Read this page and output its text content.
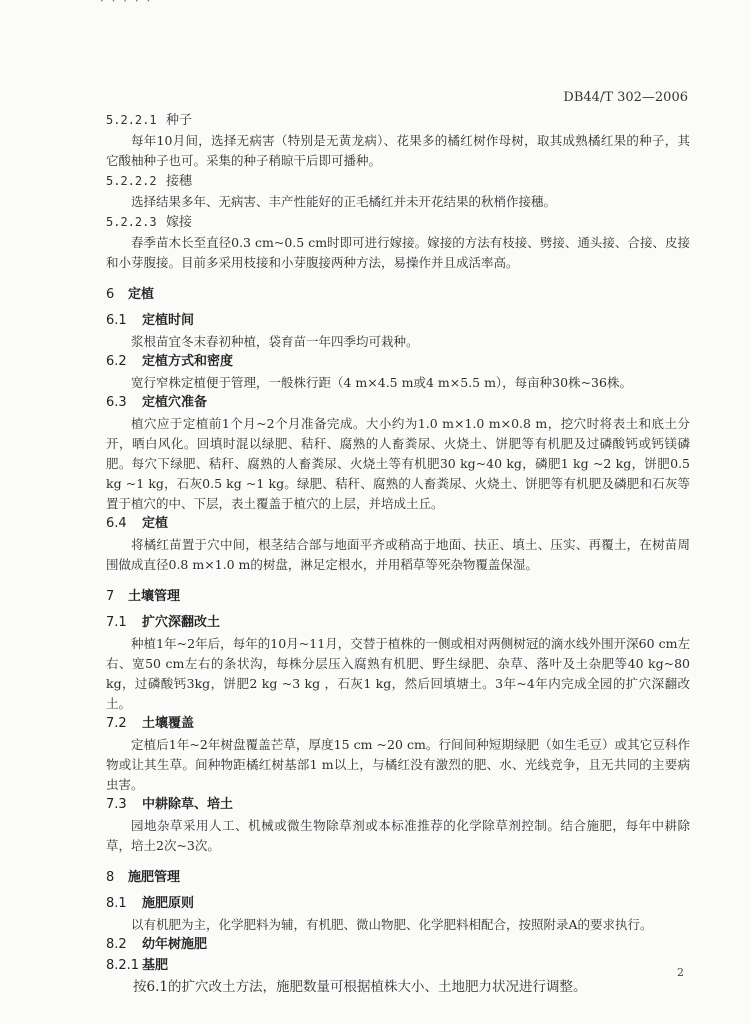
· · · · ·
DB44/T 302—2006
5.2.2.1 种子
每年10月间，选择无病害（特别是无黄龙病）、花果多的橘红树作母树，取其成熟橘红果的种子，其它酸柚种子也可。采集的种子稍晾干后即可播种。
5.2.2.2 接穗
选择结果多年、无病害、丰产性能好的正毛橘红并未开花结果的秋梢作接穗。
5.2.2.3 嫁接
春季苗木长至直径0.3 cm~0.5 cm时即可进行嫁接。嫁接的方法有枝接、劈接、通头接、合接、皮接和小芽腹接。目前多采用枝接和小芽腹接两种方法，易操作并且成活率高。
6 定植
6.1 定植时间
浆根苗宜冬末春初种植，袋育苗一年四季均可栽种。
6.2 定植方式和密度
宽行窄株定植便于管理，一般株行距（4 m×4.5 m或4 m×5.5 m），每亩种30株~36株。
6.3 定植穴准备
植穴应于定植前1个月~2个月准备完成。大小约为1.0 m×1.0 m×0.8 m，挖穴时将表土和底土分开，晒白风化。回填时混以绿肥、秸秆、腐熟的人畜粪尿、火烧土、饼肥等有机肥及过磷酸钙或钙镁磷肥。每穴下绿肥、秸秆、腐熟的人畜粪尿、火烧土等有机肥30 kg~40 kg，磷肥1 kg ~2 kg，饼肥0.5 kg ~1 kg，石灰0.5 kg ~1 kg。绿肥、秸秆、腐熟的人畜粪尿、火烧土、饼肥等有机肥及磷肥和石灰等置于植穴的中、下层，表土覆盖于植穴的上层，并培成土丘。
6.4 定植
将橘红苗置于穴中间，根茎结合部与地面平齐或稍高于地面、扶正、填土、压实、再覆土，在树苗周围做成直径0.8 m×1.0 m的树盘，淋足定根水，并用稻草等死杂物覆盖保湿。
7 土壤管理
7.1 扩穴深翻改土
种植1年~2年后，每年的10月~11月，交替于植株的一侧或相对两侧树冠的滴水线外围开深60 cm左右、宽50 cm左右的条状沟，每株分层压入腐熟有机肥、野生绿肥、杂草、落叶及土杂肥等40 kg~80 kg，过磷酸钙3kg，饼肥2 kg ~3 kg ，石灰1 kg，然后回填塘土。3年~4年内完成全园的扩穴深翻改土。
7.2 土壤覆盖
定植后1年~2年树盘覆盖芒草，厚度15 cm ~20 cm。行间间种短期绿肥（如生毛豆）或其它豆科作物或让其生草。间种物距橘红树基部1 m以上，与橘红没有激烈的肥、水、光线竞争，且无共同的主要病虫害。
7.3 中耕除草、培土
园地杂草采用人工、机械或微生物除草剂或本标准推荐的化学除草剂控制。结合施肥，每年中耕除草，培土2次~3次。
8 施肥管理
8.1 施肥原则
以有机肥为主，化学肥料为辅，有机肥、微山物肥、化学肥料相配合，按照附录A的要求执行。
8.2 幼年树施肥
8.2.1 基肥
按6.1的扩穴改土方法，施肥数量可根据植株大小、土地肥力状况进行调整。
2
